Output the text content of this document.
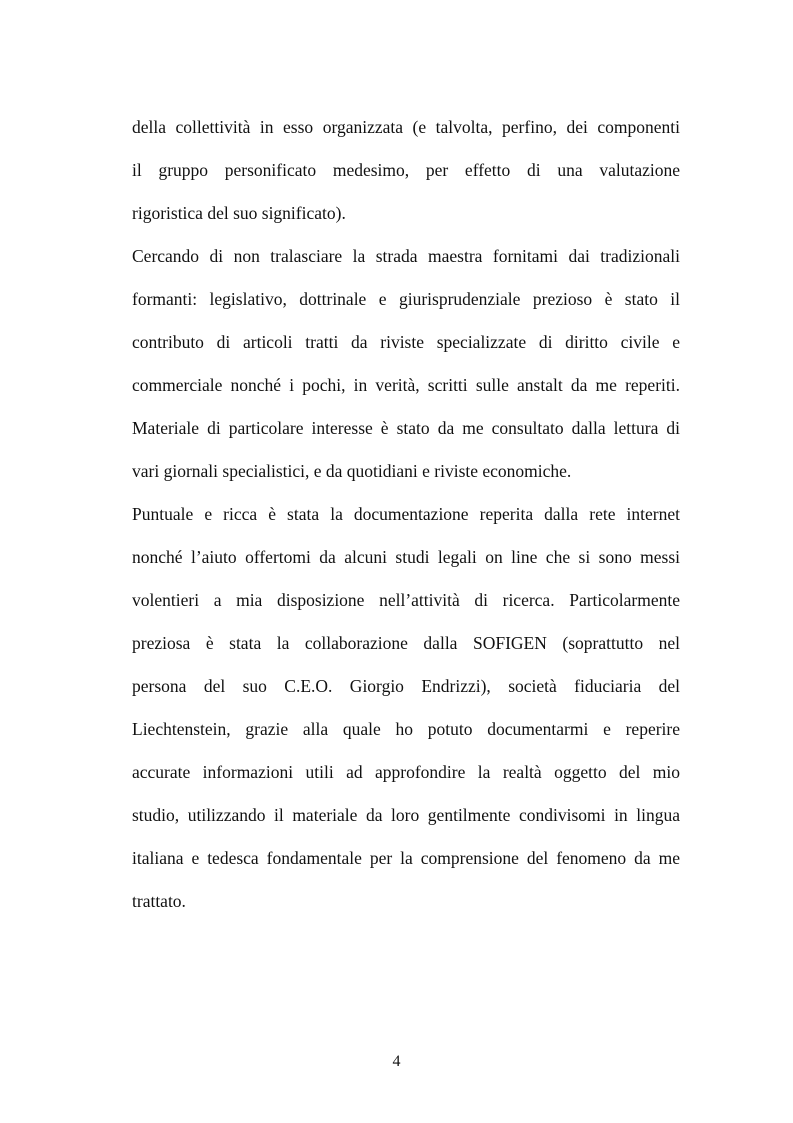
della collettività in esso organizzata (e talvolta, perfino, dei componenti
il gruppo personificato medesimo, per effetto di una valutazione
rigoristica del suo significato).
Cercando di non tralasciare la strada maestra fornitami dai tradizionali
formanti: legislativo, dottrinale e giurisprudenziale prezioso è stato il
contributo di articoli tratti da riviste specializzate di diritto civile e
commerciale nonché i pochi, in verità, scritti sulle anstalt da me reperiti.
Materiale di particolare interesse è stato da me consultato dalla lettura di
vari giornali specialistici, e da quotidiani e riviste economiche.
Puntuale e ricca è stata la documentazione reperita dalla rete internet
nonché l’aiuto offertomi da alcuni studi legali on line che si sono messi
volentieri a mia disposizione nell’attività di ricerca. Particolarmente
preziosa è stata la collaborazione dalla SOFIGEN (soprattutto nel
persona del suo C.E.O. Giorgio Endrizzi), società fiduciaria del
Liechtenstein, grazie alla quale ho potuto documentarmi e reperire
accurate informazioni utili ad approfondire la realtà oggetto del mio
studio, utilizzando il materiale da loro gentilmente condivisomi in lingua
italiana e tedesca fondamentale per la comprensione del fenomeno da me
trattato.
4
